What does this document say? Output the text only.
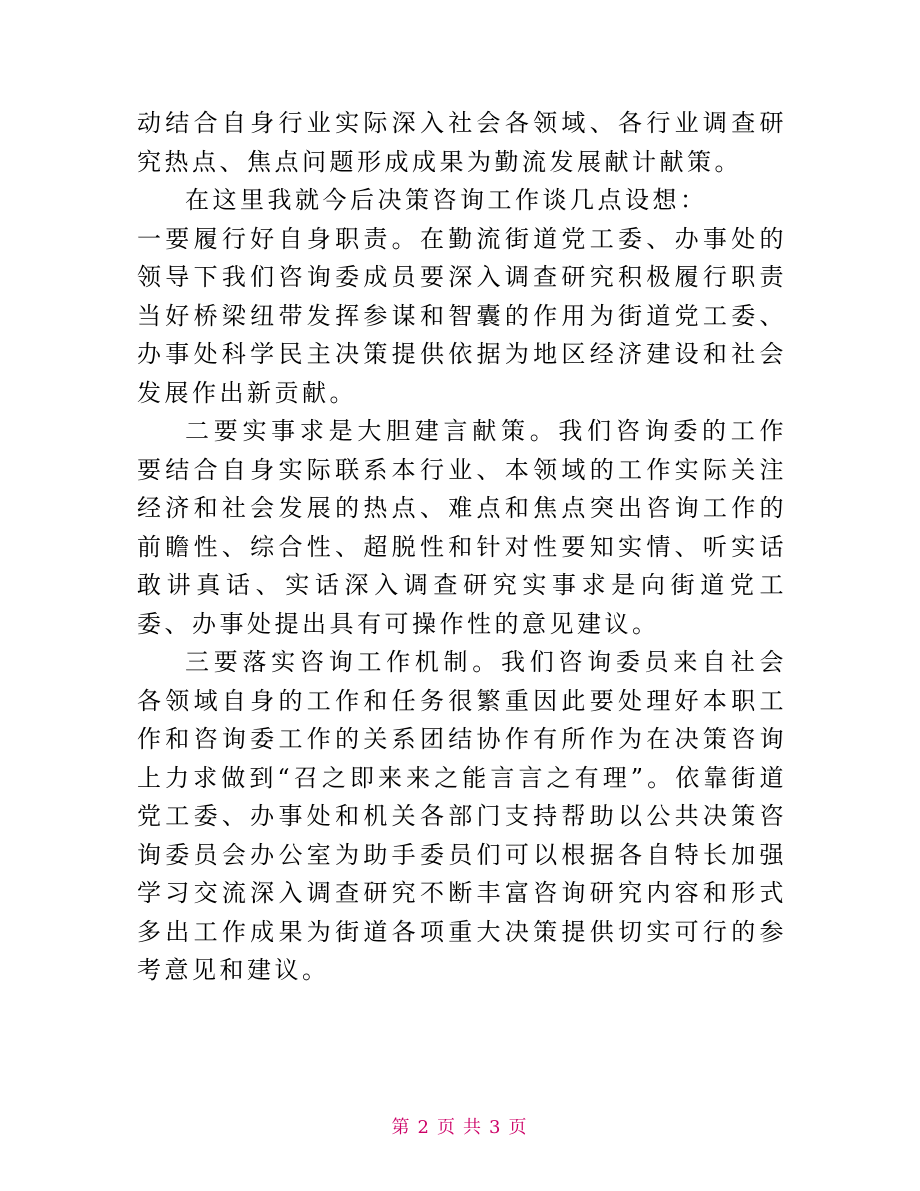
动结合自身行业实际深入社会各领域、各行业调查研究热点、焦点问题形成成果为勤流发展献计献策。

在这里我就今后决策咨询工作谈几点设想：

一要履行好自身职责。在勤流街道党工委、办事处的领导下我们咨询委成员要深入调查研究积极履行职责当好桥梁纽带发挥参谋和智囊的作用为街道党工委、办事处科学民主决策提供依据为地区经济建设和社会发展作出新贡献。

二要实事求是大胆建言献策。我们咨询委的工作要结合自身实际联系本行业、本领域的工作实际关注经济和社会发展的热点、难点和焦点突出咨询工作的前瞻性、综合性、超脱性和针对性要知实情、听实话敢讲真话、实话深入调查研究实事求是向街道党工委、办事处提出具有可操作性的意见建议。

三要落实咨询工作机制。我们咨询委员来自社会各领域自身的工作和任务很繁重因此要处理好本职工作和咨询委工作的关系团结协作有所作为在决策咨询上力求做到“召之即来来之能言言之有理”。依靠街道党工委、办事处和机关各部门支持帮助以公共决策咨询委员会办公室为助手委员们可以根据各自特长加强学习交流深入调查研究不断丰富咨询研究内容和形式多出工作成果为街道各项重大决策提供切实可行的参考意见和建议。

第 2 页 共 3 页
